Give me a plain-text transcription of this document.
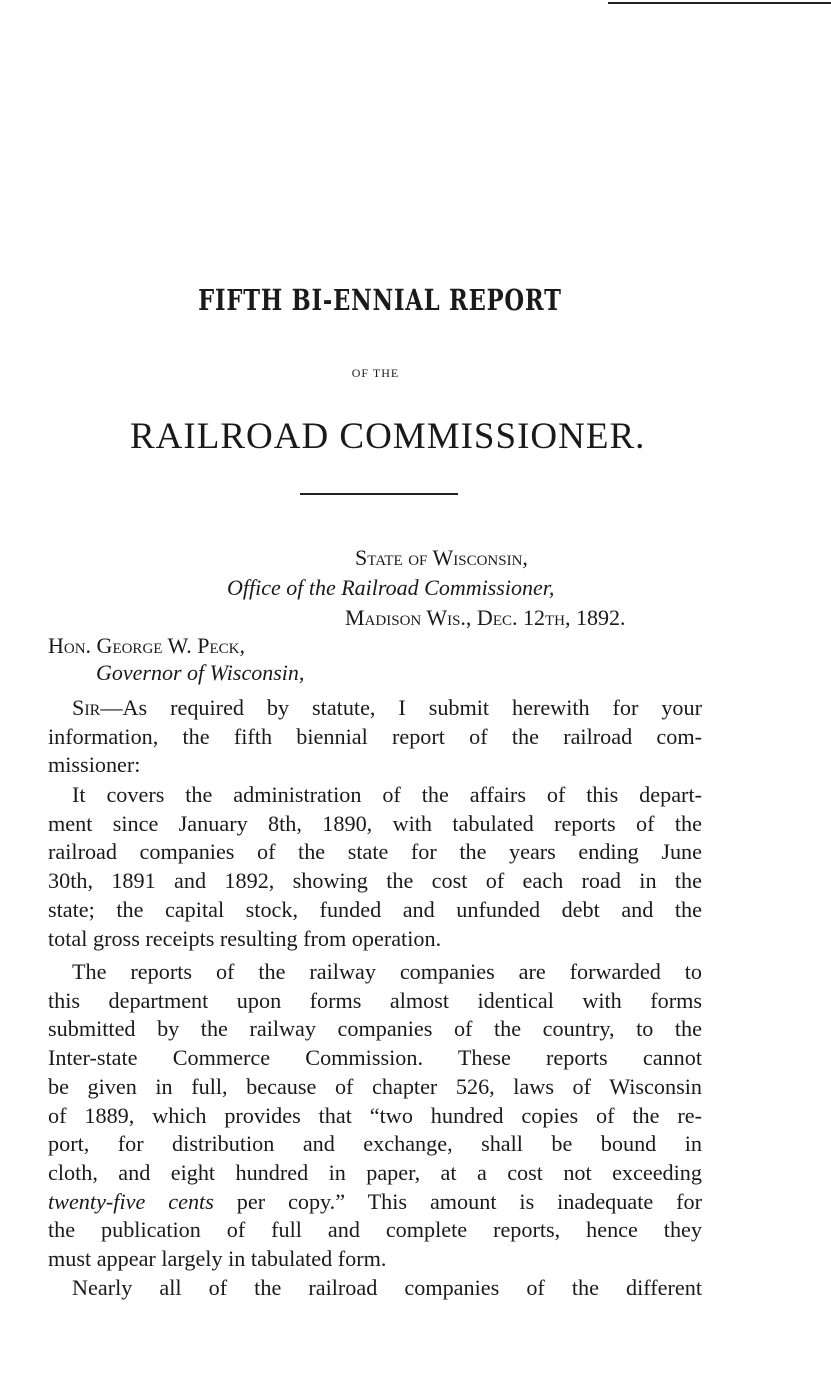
FIFTH BI-ENNIAL REPORT
OF THE
RAILROAD COMMISSIONER.
State of Wisconsin,
Office of the Railroad Commissioner,
Madison Wis., Dec. 12th, 1892.
Hon. George W. Peck,
Governor of Wisconsin,
Sir—As required by statute, I submit herewith for your
information, the fifth biennial report of the railroad com-
missioner:
It covers the administration of the affairs of this depart-
ment since January 8th, 1890, with tabulated reports of the
railroad companies of the state for the years ending June
30th, 1891 and 1892, showing the cost of each road in the
state; the capital stock, funded and unfunded debt and the
total gross receipts resulting from operation.
The reports of the railway companies are forwarded to
this department upon forms almost identical with forms
submitted by the railway companies of the country, to the
Inter-state Commerce Commission. These reports cannot
be given in full, because of chapter 526, laws of Wisconsin
of 1889, which provides that “two hundred copies of the re-
port, for distribution and exchange, shall be bound in
cloth, and eight hundred in paper, at a cost not exceeding
twenty-five cents per copy.” This amount is inadequate for
the publication of full and complete reports, hence they
must appear largely in tabulated form.
Nearly all of the railroad companies of the different
